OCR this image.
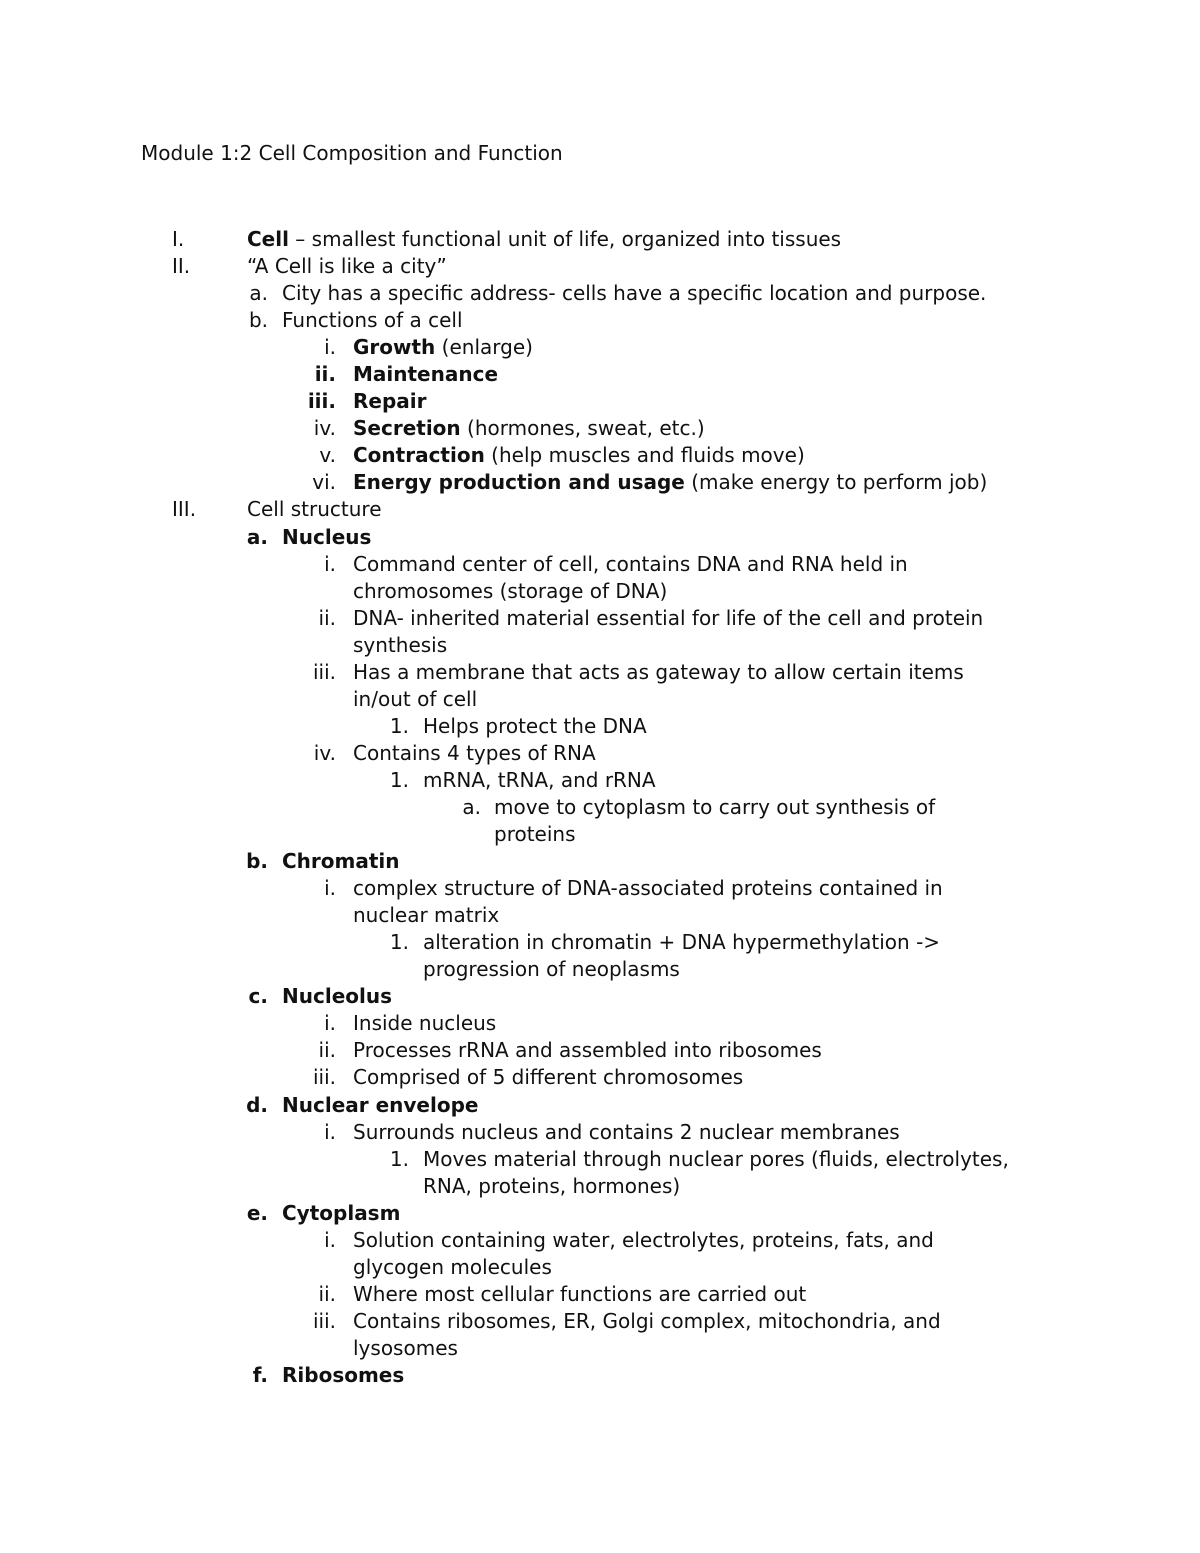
Module 1:2 Cell Composition and Function
I.	Cell – smallest functional unit of life, organized into tissues
II.	“A Cell is like a city”
a. City has a specific address- cells have a specific location and purpose.
b. Functions of a cell
i. Growth (enlarge)
ii. Maintenance
iii. Repair
iv. Secretion (hormones, sweat, etc.)
v. Contraction (help muscles and fluids move)
vi. Energy production and usage (make energy to perform job)
III.	Cell structure
a. Nucleus
i. Command center of cell, contains DNA and RNA held in
chromosomes (storage of DNA)
ii. DNA- inherited material essential for life of the cell and protein
synthesis
iii. Has a membrane that acts as gateway to allow certain items
in/out of cell
1. Helps protect the DNA
iv. Contains 4 types of RNA
1. mRNA, tRNA, and rRNA
a. move to cytoplasm to carry out synthesis of
proteins
b. Chromatin
i. complex structure of DNA-associated proteins contained in
nuclear matrix
1. alteration in chromatin + DNA hypermethylation ->
progression of neoplasms
c. Nucleolus
i. Inside nucleus
ii. Processes rRNA and assembled into ribosomes
iii. Comprised of 5 different chromosomes
d. Nuclear envelope
i. Surrounds nucleus and contains 2 nuclear membranes
1. Moves material through nuclear pores (fluids, electrolytes,
RNA, proteins, hormones)
e. Cytoplasm
i. Solution containing water, electrolytes, proteins, fats, and
glycogen molecules
ii. Where most cellular functions are carried out
iii. Contains ribosomes, ER, Golgi complex, mitochondria, and
lysosomes
f. Ribosomes
